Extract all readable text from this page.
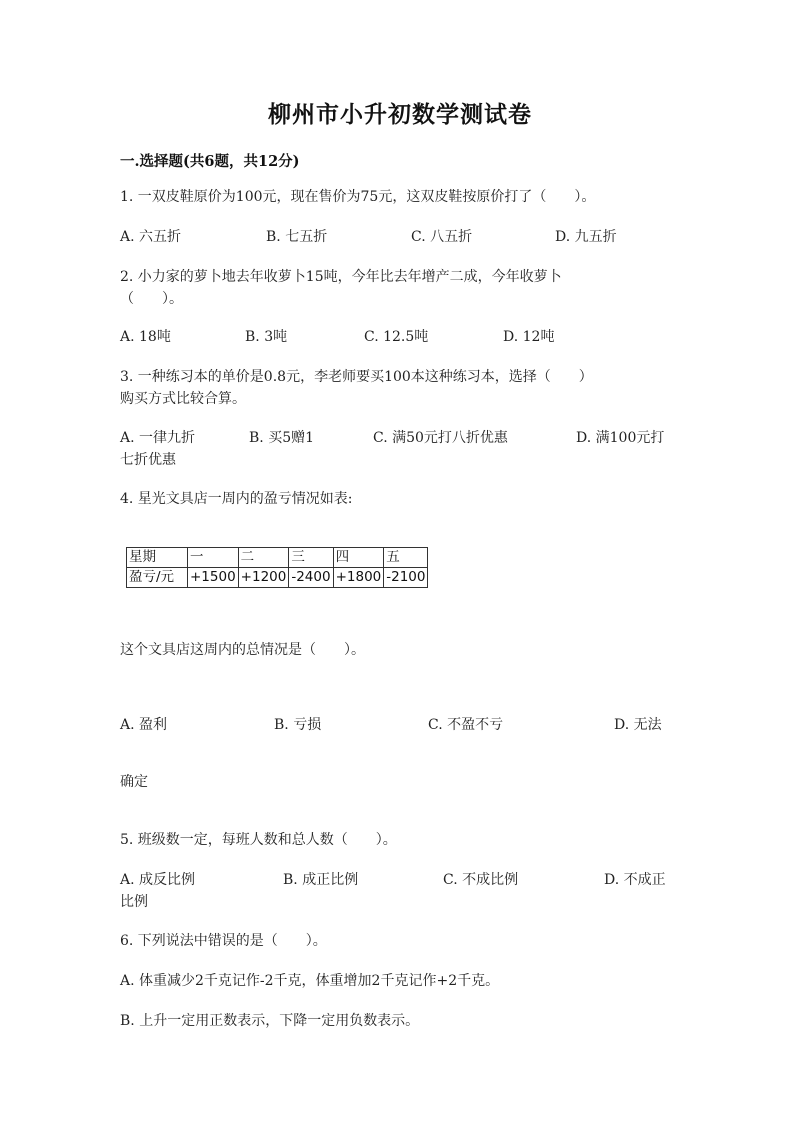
柳州市小升初数学测试卷
一.选择题(共6题，共12分)
1. 一双皮鞋原价为100元，现在售价为75元，这双皮鞋按原价打了（　　）。
A. 六五折	B. 七五折	C. 八五折	D. 九五折
2. 小力家的萝卜地去年收萝卜15吨，今年比去年增产二成，今年收萝卜
（　　）。
A. 18吨	B. 3吨	C. 12.5吨	D. 12吨
3. 一种练习本的单价是0.8元，李老师要买100本这种练习本，选择（　　）
购买方式比较合算。
A. 一律九折	B. 买5赠1	C. 满50元打八折优惠	D. 满100元打
七折优惠
4. 星光文具店一周内的盈亏情况如表:
星期	一	二	三	四	五
盈亏/元	+1500	+1200	-2400	+1800	-2100
这个文具店这周内的总情况是（　　）。
A. 盈利	B. 亏损	C. 不盈不亏	D. 无法
确定
5. 班级数一定，每班人数和总人数（　　）。
A. 成反比例	B. 成正比例	C. 不成比例	D. 不成正
比例
6. 下列说法中错误的是（　　）。
A. 体重减少2千克记作-2千克，体重增加2千克记作+2千克。
B. 上升一定用正数表示，下降一定用负数表示。
